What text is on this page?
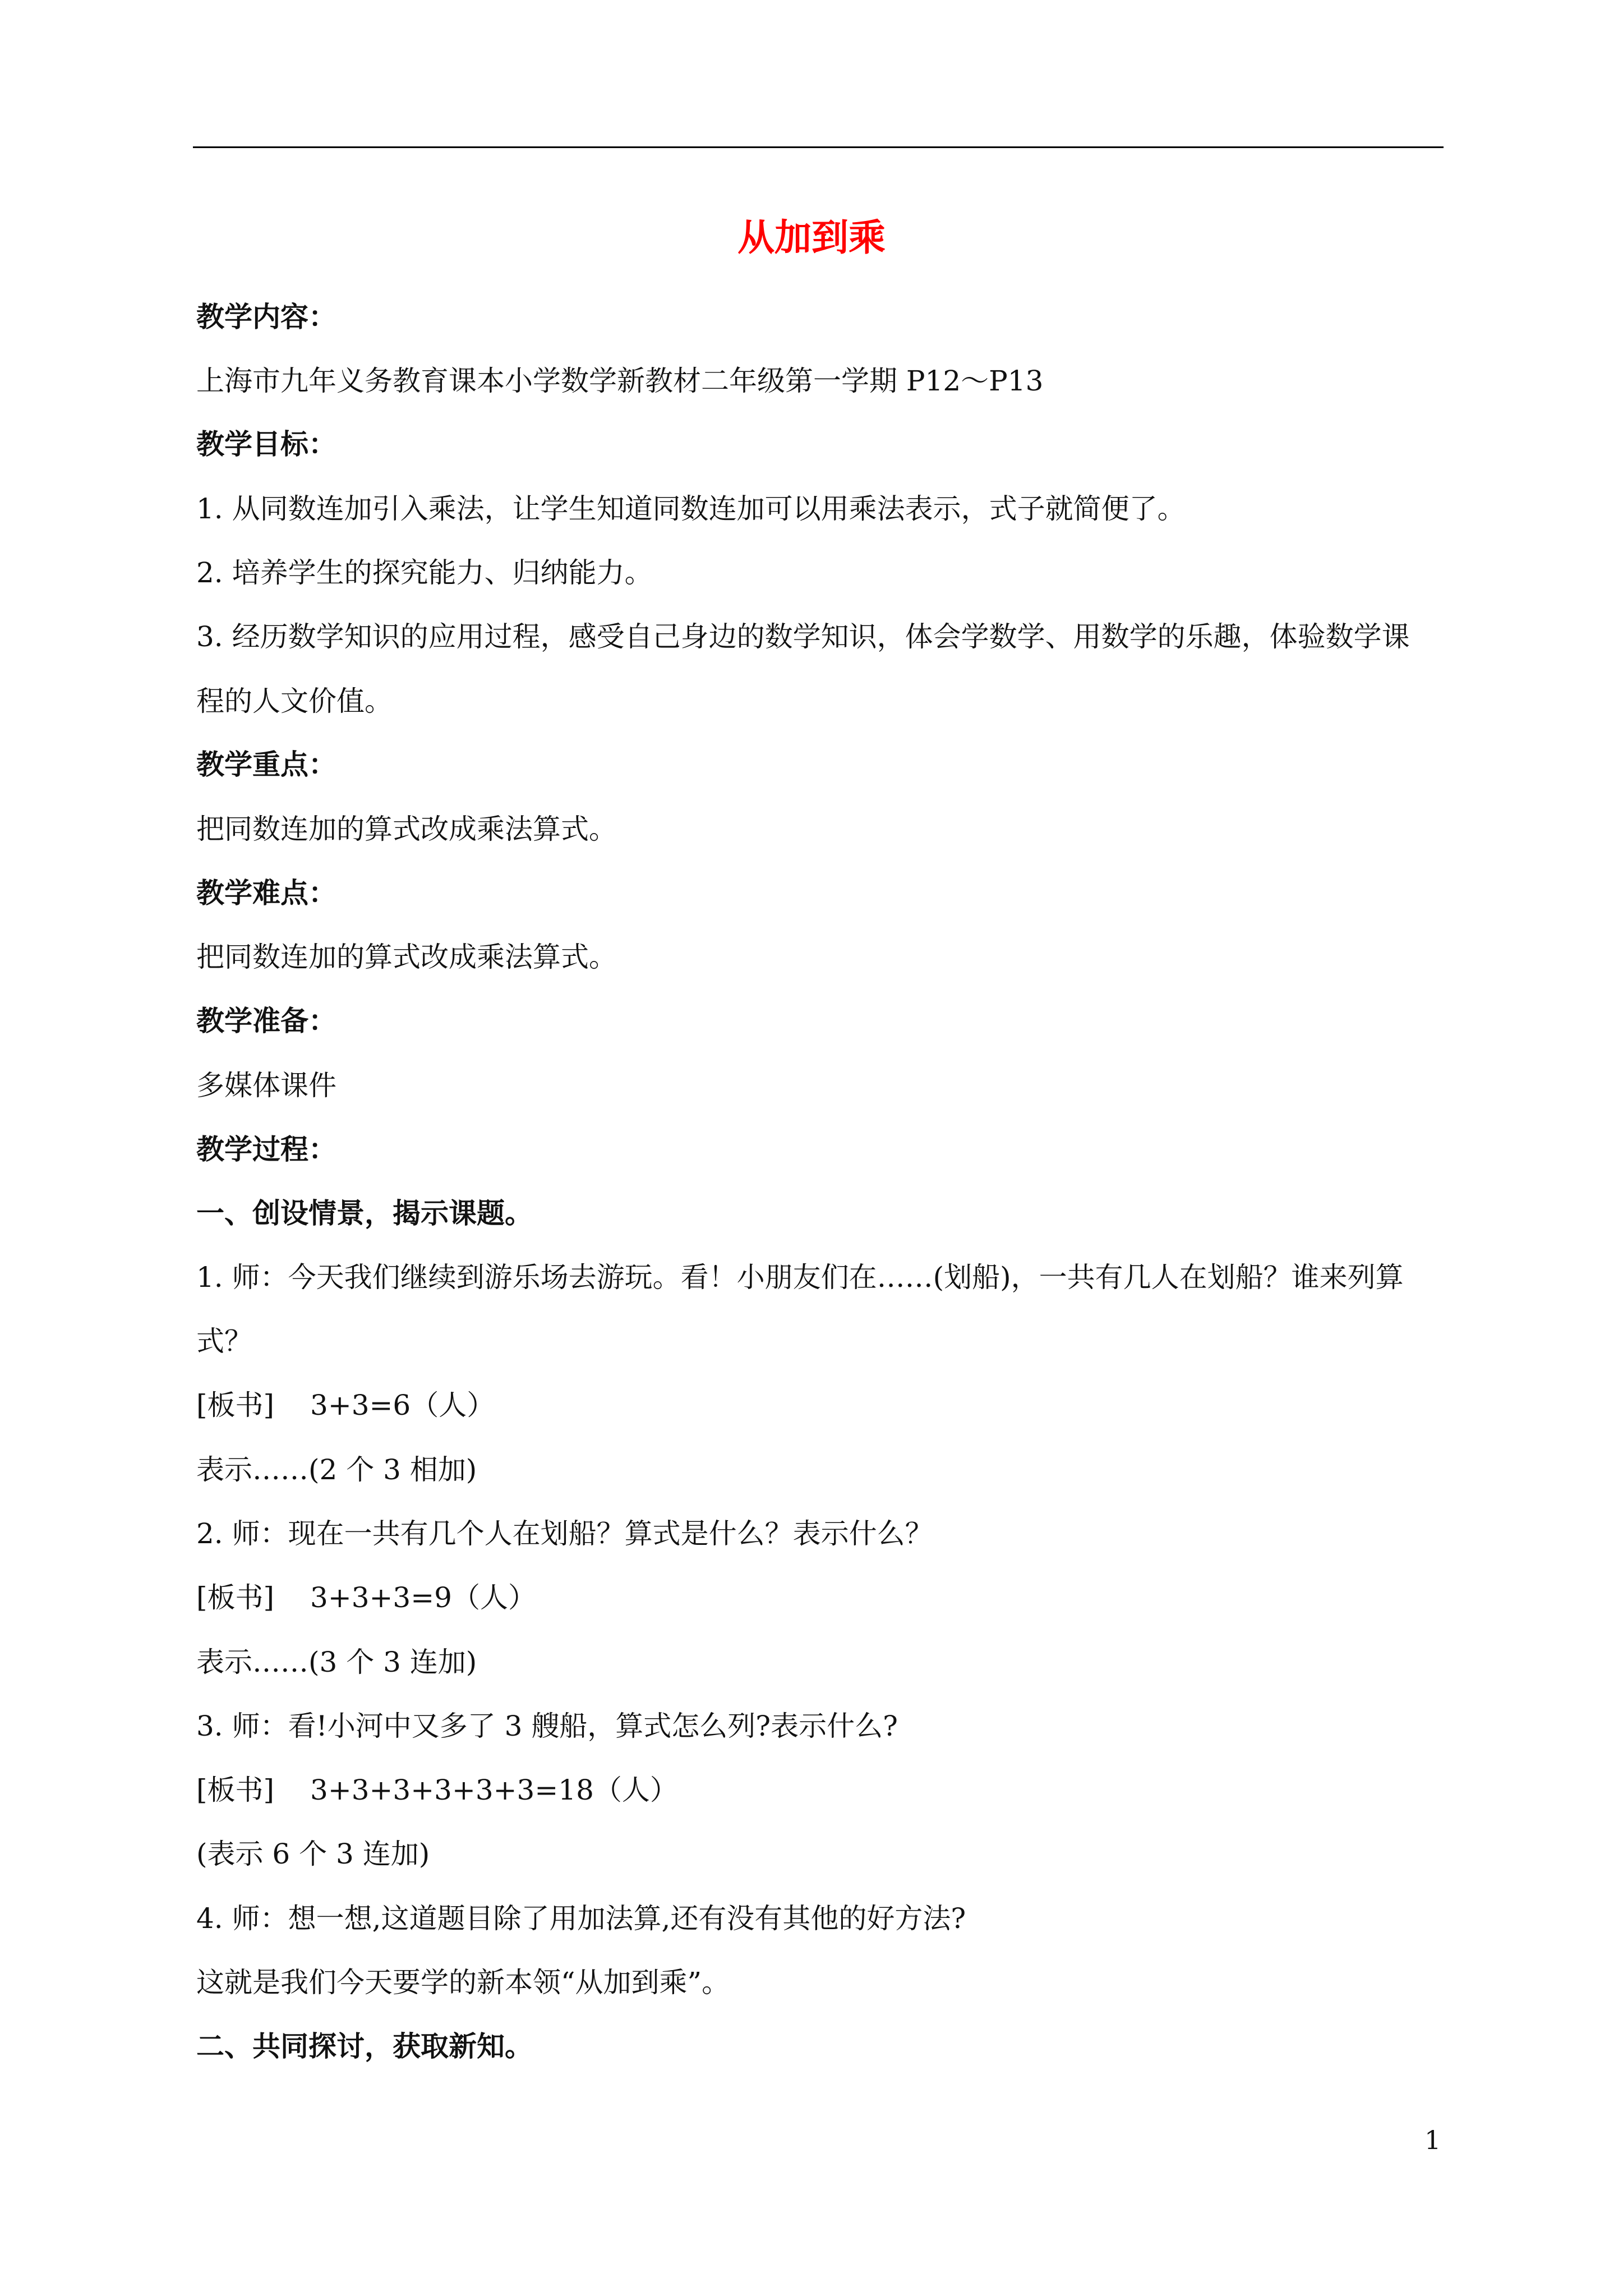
从加到乘
教学内容：
上海市九年义务教育课本小学数学新教材二年级第一学期 P12～P13
教学目标：
1. 从同数连加引入乘法，让学生知道同数连加可以用乘法表示，式子就简便了。
2. 培养学生的探究能力、归纳能力。
3. 经历数学知识的应用过程，感受自己身边的数学知识，体会学数学、用数学的乐趣，体验数学课
程的人文价值。
教学重点：
把同数连加的算式改成乘法算式。
教学难点：
把同数连加的算式改成乘法算式。
教学准备：
多媒体课件
教学过程：
一、创设情景，揭示课题。
1. 师：今天我们继续到游乐场去游玩。看！小朋友们在……(划船)，一共有几人在划船？谁来列算
式？
[板书] 3+3=6（人）
表示……(2 个 3 相加)
2. 师：现在一共有几个人在划船？算式是什么？表示什么？
[板书] 3+3+3=9（人）
表示……(3 个 3 连加)
3. 师：看!小河中又多了 3 艘船，算式怎么列?表示什么?
[板书] 3+3+3+3+3+3=18（人）
(表示 6 个 3 连加)
4. 师：想一想,这道题目除了用加法算,还有没有其他的好方法?
这就是我们今天要学的新本领“从加到乘”。
二、共同探讨，获取新知。
1
